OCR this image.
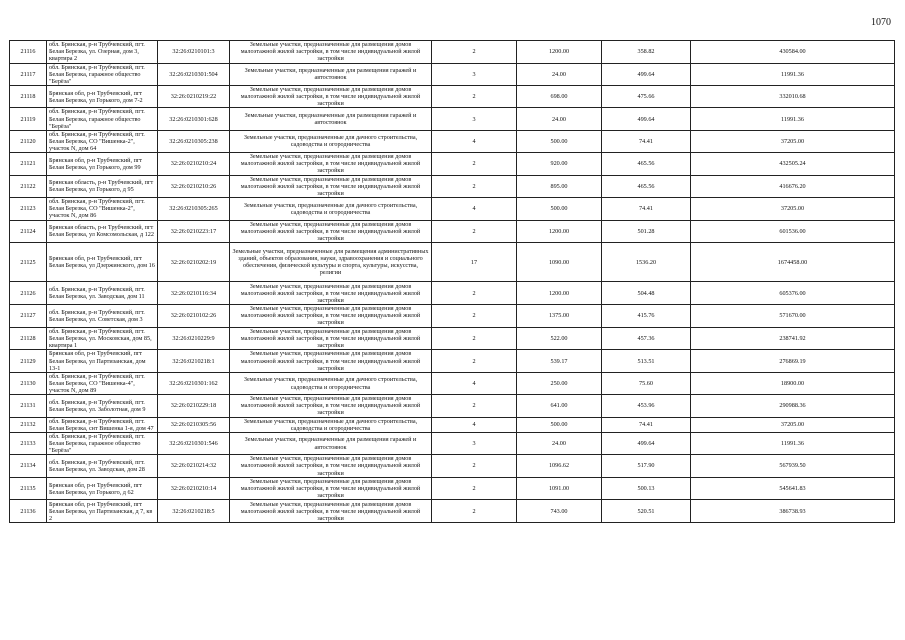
1070
21116	обл. Брянская, р-н Трубчевский, пгт. Белая Березка, ул. Озерная, дом 3, квартира 2	32:26:0210101:3	Земельные участки, предназначенные для размещения домов малоэтажной жилой застройки, в том числе индивидуальной жилой застройки	2	1200.00	358.82	430584.00
21117	обл. Брянская, р-н Трубчевский, пгт. Белая Березка, гаражное общество "Берёза"	32:26:0210301:504	Земельные участки, предназначенные для размещения гаражей и автостоянок	3	24.00	499.64	11991.36
21118	Брянская обл, р-н Трубчевский, пгт Белая Березка, ул Горького, дом 7-2	32:26:0210219:22	Земельные участки, предназначенные для размещения домов малоэтажной жилой застройки, в том числе индивидуальной жилой застройки	2	698.00	475.66	332010.68
21119	обл. Брянская, р-н Трубчевский, пгт. Белая Березка, гаражное общество "Берёза"	32:26:0210301:628	Земельные участки, предназначенные для размещения гаражей и автостоянок	3	24.00	499.64	11991.36
21120	обл. Брянская, р-н Трубчевский, пгт. Белая Березка, СО "Вишенка-2", участок N, дом 64	32:26:0210305:238	Земельные участки, предназначенные для дачного строительства, садоводства и огородничества	4	500.00	74.41	37205.00
21121	Брянская обл, р-н Трубчевский, пгт Белая Березка, ул Горького, дом 99	32:26:0210210:24	Земельные участки, предназначенные для размещения домов малоэтажной жилой застройки, в том числе индивидуальной жилой застройки	2	920.00	465.56	432505.24
21122	Брянская область, р-н Трубчевский, пгт Белая Березка, ул Горького, д 95	32:26:0210210:26	Земельные участки, предназначенные для размещения домов малоэтажной жилой застройки, в том числе индивидуальной жилой застройки	2	895.00	465.56	416676.20
21123	обл. Брянская, р-н Трубчевский, пгт. Белая Березка, СО "Вишенка-2", участок N, дом 86	32:26:0210305:265	Земельные участки, предназначенные для дачного строительства, садоводства и огородничества	4	500.00	74.41	37205.00
21124	Брянская область, р-н Трубчевский, пгт Белая Березка, ул Комсомольская, д 122	32:26:0210223:17	Земельные участки, предназначенные для размещения домов малоэтажной жилой застройки, в том числе индивидуальной жилой застройки	2	1200.00	501.28	601536.00
21125	Брянская обл, р-н Трубчевский, пгт Белая Березка, ул Дзержинского, дом 16	32:26:0210202:19	Земельные участки, предназначенные для размещения административных зданий, объектов образования, науки, здравоохранения и социального обеспечения, физической культуры и спорта, культуры, искусства, религии	17	1090.00	1536.20	1674458.00
21126	обл. Брянская, р-н Трубчевский, пгт. Белая Березка, ул. Заводская, дом 11	32:26:0210116:34	Земельные участки, предназначенные для размещения домов малоэтажной жилой застройки, в том числе индивидуальной жилой застройки	2	1200.00	504.48	605376.00
21127	обл. Брянская, р-н Трубчевский, пгт. Белая Березка, ул. Советская, дом 3	32:26:0210102:26	Земельные участки, предназначенные для размещения домов малоэтажной жилой застройки, в том числе индивидуальной жилой застройки	2	1375.00	415.76	571670.00
21128	обл. Брянская, р-н Трубчевский, пгт. Белая Березка, ул. Московская, дом 85, квартира 1	32:26:0210229:9	Земельные участки, предназначенные для размещения домов малоэтажной жилой застройки, в том числе индивидуальной жилой застройки	2	522.00	457.36	238741.92
21129	Брянская обл, р-н Трубчевский, пгт Белая Березка, ул Партизанская, дом 13-1	32:26:0210218:1	Земельные участки, предназначенные для размещения домов малоэтажной жилой застройки, в том числе индивидуальной жилой застройки	2	539.17	513.51	276869.19
21130	обл. Брянская, р-н Трубчевский, пгт. Белая Березка, СО "Вишенка-4", участок N, дом 89	32:26:0210301:162	Земельные участки, предназначенные для дачного строительства, садоводства и огородничества	4	250.00	75.60	18900.00
21131	обл. Брянская, р-н Трубчевский, пгт. Белая Березка, ул. Заболотная, дом 9	32:26:0210229:18	Земельные участки, предназначенные для размещения домов малоэтажной жилой застройки, в том числе индивидуальной жилой застройки	2	641.00	453.96	290988.36
21132	обл. Брянская, р-н Трубчевский, пгт. Белая Березка, снт Вишенка 1-я, дом 47	32:26:0210305:56	Земельные участки, предназначенные для дачного строительства, садоводства и огородничества	4	500.00	74.41	37205.00
21133	обл. Брянская, р-н Трубчевский, пгт. Белая Березка, гаражное общество "Берёза"	32:26:0210301:546	Земельные участки, предназначенные для размещения гаражей и автостоянок	3	24.00	499.64	11991.36
21134	обл. Брянская, р-н Трубчевский, пгт. Белая Березка, ул. Заводская, дом 28	32:26:0210214:32	Земельные участки, предназначенные для размещения домов малоэтажной жилой застройки, в том числе индивидуальной жилой застройки	2	1096.62	517.90	567939.50
21135	Брянская обл, р-н Трубчевский, пгт Белая Березка, ул Горького, д 62	32:26:0210210:14	Земельные участки, предназначенные для размещения домов малоэтажной жилой застройки, в том числе индивидуальной жилой застройки	2	1091.00	500.13	545641.83
21136	Брянская обл, р-н Трубчевский, пгт Белая Березка, ул Партизанская, д 7, кв 2	32:26:0210218:5	Земельные участки, предназначенные для размещения домов малоэтажной жилой застройки, в том числе индивидуальной жилой застройки	2	743.00	520.51	386738.93
